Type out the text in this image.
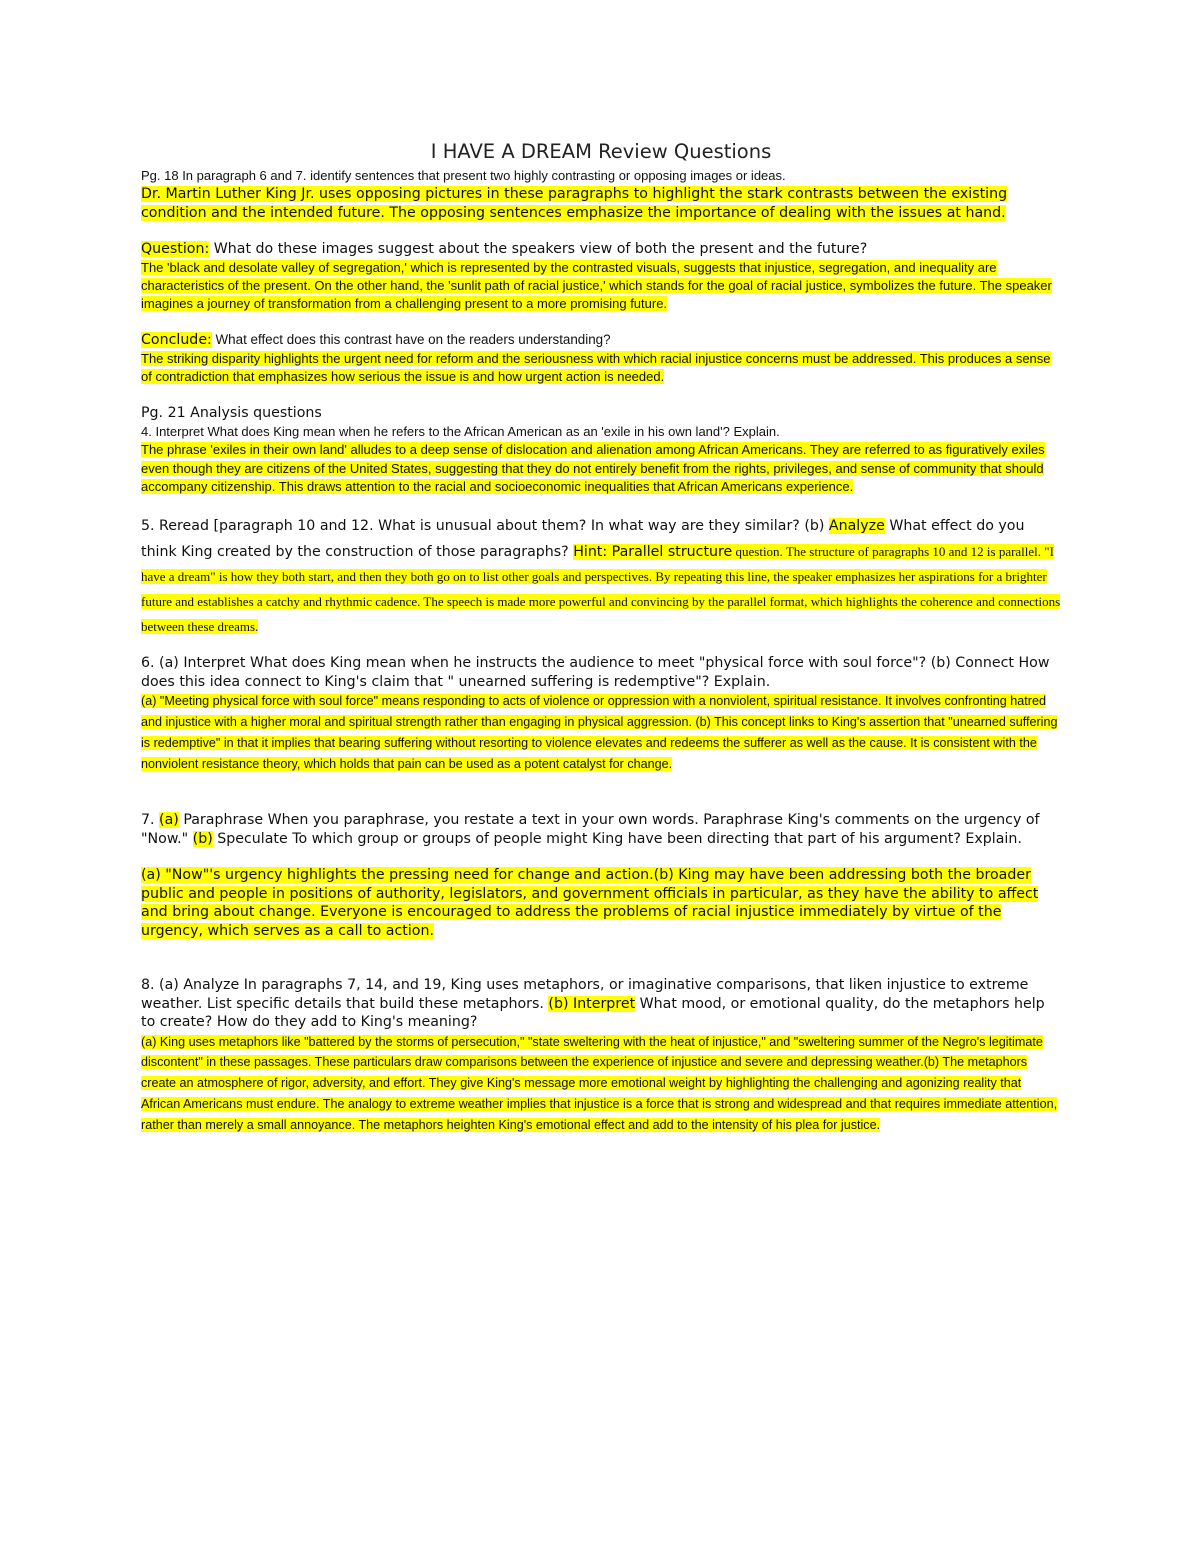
I HAVE A DREAM Review Questions

Pg. 18 In paragraph 6 and 7. identify sentences that present two highly contrasting or opposing images or ideas.

Dr. Martin Luther King Jr. uses opposing pictures in these paragraphs to highlight the stark contrasts between the existing condition and the intended future. The opposing sentences emphasize the importance of dealing with the issues at hand.

Question: What do these images suggest about the speakers view of both the present and the future?

The 'black and desolate valley of segregation,' which is represented by the contrasted visuals, suggests that injustice, segregation, and inequality are characteristics of the present. On the other hand, the 'sunlit path of racial justice,' which stands for the goal of racial justice, symbolizes the future. The speaker imagines a journey of transformation from a challenging present to a more promising future.

Conclude: What effect does this contrast have on the readers understanding?

The striking disparity highlights the urgent need for reform and the seriousness with which racial injustice concerns must be addressed. This produces a sense of contradiction that emphasizes how serious the issue is and how urgent action is needed.

Pg. 21 Analysis questions

4. Interpret What does King mean when he refers to the African American as an 'exile in his own land'? Explain.

The phrase 'exiles in their own land' alludes to a deep sense of dislocation and alienation among African Americans. They are referred to as figuratively exiles even though they are citizens of the United States, suggesting that they do not entirely benefit from the rights, privileges, and sense of community that should accompany citizenship. This draws attention to the racial and socioeconomic inequalities that African Americans experience.

5. Reread [paragraph 10 and 12. What is unusual about them? In what way are they similar? (b) Analyze What effect do you think King created by the construction of those paragraphs? Hint: Parallel structure question. The structure of paragraphs 10 and 12 is parallel. "I have a dream" is how they both start, and then they both go on to list other goals and perspectives. By repeating this line, the speaker emphasizes her aspirations for a brighter future and establishes a catchy and rhythmic cadence. The speech is made more powerful and convincing by the parallel format, which highlights the coherence and connections between these dreams.

6. (a) Interpret What does King mean when he instructs the audience to meet "physical force with soul force"? (b) Connect How does this idea connect to King's claim that " unearned suffering is redemptive"? Explain.

(a) "Meeting physical force with soul force" means responding to acts of violence or oppression with a nonviolent, spiritual resistance. It involves confronting hatred and injustice with a higher moral and spiritual strength rather than engaging in physical aggression. (b) This concept links to King's assertion that "unearned suffering is redemptive" in that it implies that bearing suffering without resorting to violence elevates and redeems the sufferer as well as the cause. It is consistent with the nonviolent resistance theory, which holds that pain can be used as a potent catalyst for change.

7. (a) Paraphrase When you paraphrase, you restate a text in your own words. Paraphrase King's comments on the urgency of "Now." (b) Speculate To which group or groups of people might King have been directing that part of his argument? Explain.

(a) "Now"'s urgency highlights the pressing need for change and action.(b) King may have been addressing both the broader public and people in positions of authority, legislators, and government officials in particular, as they have the ability to affect and bring about change. Everyone is encouraged to address the problems of racial injustice immediately by virtue of the urgency, which serves as a call to action.

8. (a) Analyze In paragraphs 7, 14, and 19, King uses metaphors, or imaginative comparisons, that liken injustice to extreme weather. List specific details that build these metaphors. (b) Interpret What mood, or emotional quality, do the metaphors help to create? How do they add to King's meaning?

(a) King uses metaphors like "battered by the storms of persecution," "state sweltering with the heat of injustice," and "sweltering summer of the Negro's legitimate discontent" in these passages. These particulars draw comparisons between the experience of injustice and severe and depressing weather.(b) The metaphors create an atmosphere of rigor, adversity, and effort. They give King's message more emotional weight by highlighting the challenging and agonizing reality that African Americans must endure. The analogy to extreme weather implies that injustice is a force that is strong and widespread and that requires immediate attention, rather than merely a small annoyance. The metaphors heighten King's emotional effect and add to the intensity of his plea for justice.
